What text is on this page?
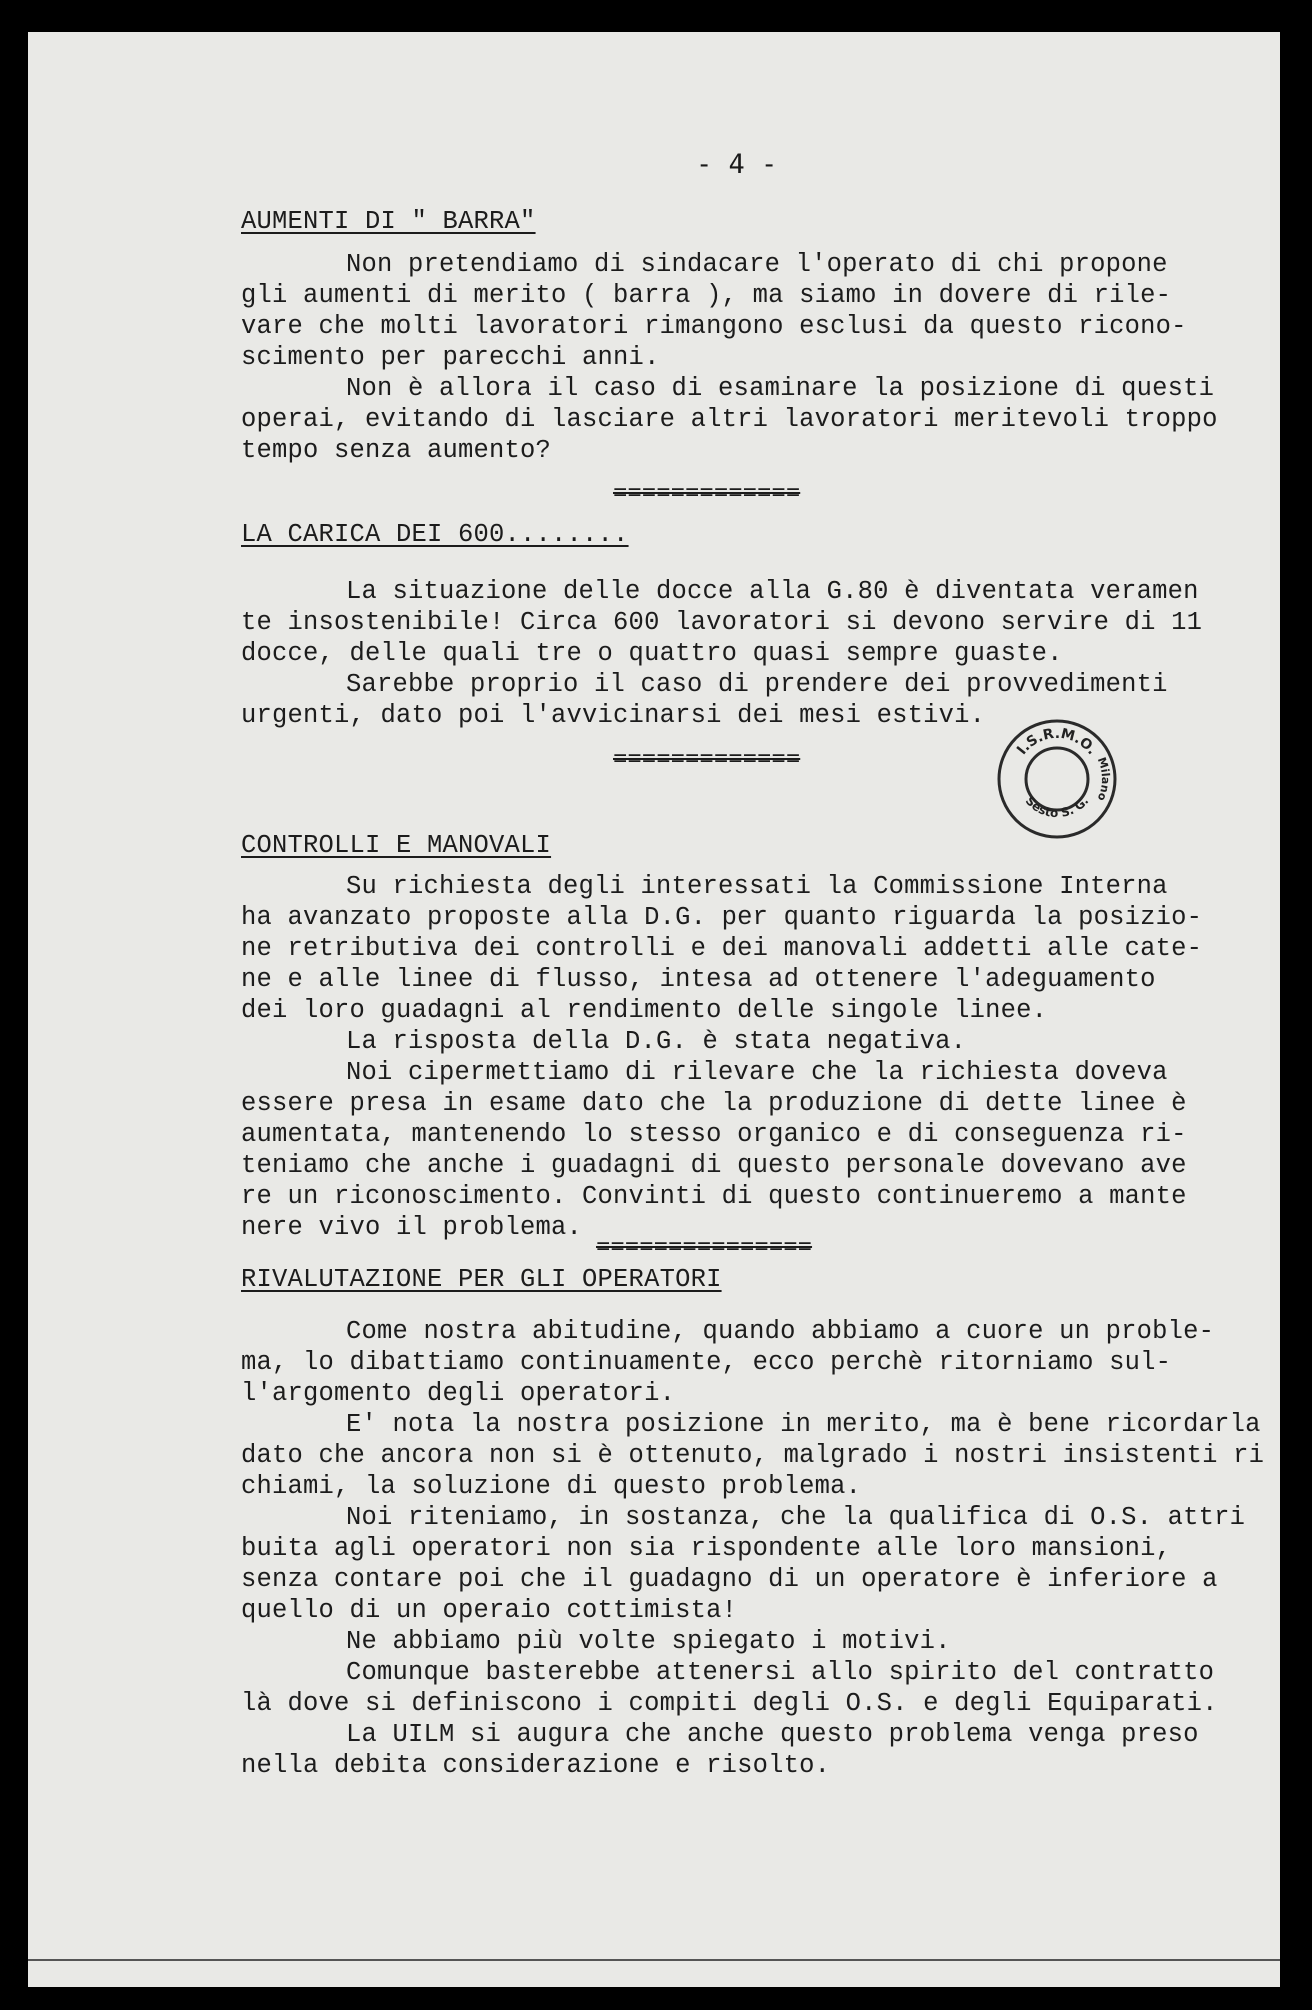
- 4 -
AUMENTI DI " BARRA"
Non pretendiamo di sindacare l'operato di chi propone
gli aumenti di merito ( barra ), ma siamo in dovere di rile-
vare che molti lavoratori rimangono esclusi da questo ricono-
scimento per parecchi anni.
Non è allora il caso di esaminare la posizione di questi
operai, evitando di lasciare altri lavoratori meritevoli troppo
tempo senza aumento?
=============
LA CARICA DEI 600........
La situazione delle docce alla G.80 è diventata veramen
te insostenibile! Circa 600 lavoratori si devono servire di 11
docce, delle quali tre o quattro quasi sempre guaste.
Sarebbe proprio il caso di prendere dei provvedimenti
urgenti, dato poi l'avvicinarsi dei mesi estivi.
=============	I.S.R.M.O.
Milano
Sesto S. G.
CONTROLLI E MANOVALI
Su richiesta degli interessati la Commissione Interna
ha avanzato proposte alla D.G. per quanto riguarda la posizio-
ne retributiva dei controlli e dei manovali addetti alle cate-
ne e alle linee di flusso, intesa ad ottenere l'adeguamento
dei loro guadagni al rendimento delle singole linee.
La risposta della D.G. è stata negativa.
Noi cipermettiamo di rilevare che la richiesta doveva
essere presa in esame dato che la produzione di dette linee è
aumentata, mantenendo lo stesso organico e di conseguenza ri-
teniamo che anche i guadagni di questo personale dovevano ave
re un riconoscimento. Convinti di questo continueremo a mante
nere vivo il problema.
===============
RIVALUTAZIONE PER GLI OPERATORI
Come nostra abitudine, quando abbiamo a cuore un proble-
ma, lo dibattiamo continuamente, ecco perchè ritorniamo sul-
l'argomento degli operatori.
E' nota la nostra posizione in merito, ma è bene ricordarla
dato che ancora non si è ottenuto, malgrado i nostri insistenti ri
chiami, la soluzione di questo problema.
Noi riteniamo, in sostanza, che la qualifica di O.S. attri
buita agli operatori non sia rispondente alle loro mansioni,
senza contare poi che il guadagno di un operatore è inferiore a
quello di un operaio cottimista!
Ne abbiamo più volte spiegato i motivi.
Comunque basterebbe attenersi allo spirito del contratto
là dove si definiscono i compiti degli O.S. e degli Equiparati.
La UILM si augura che anche questo problema venga preso
nella debita considerazione e risolto.
